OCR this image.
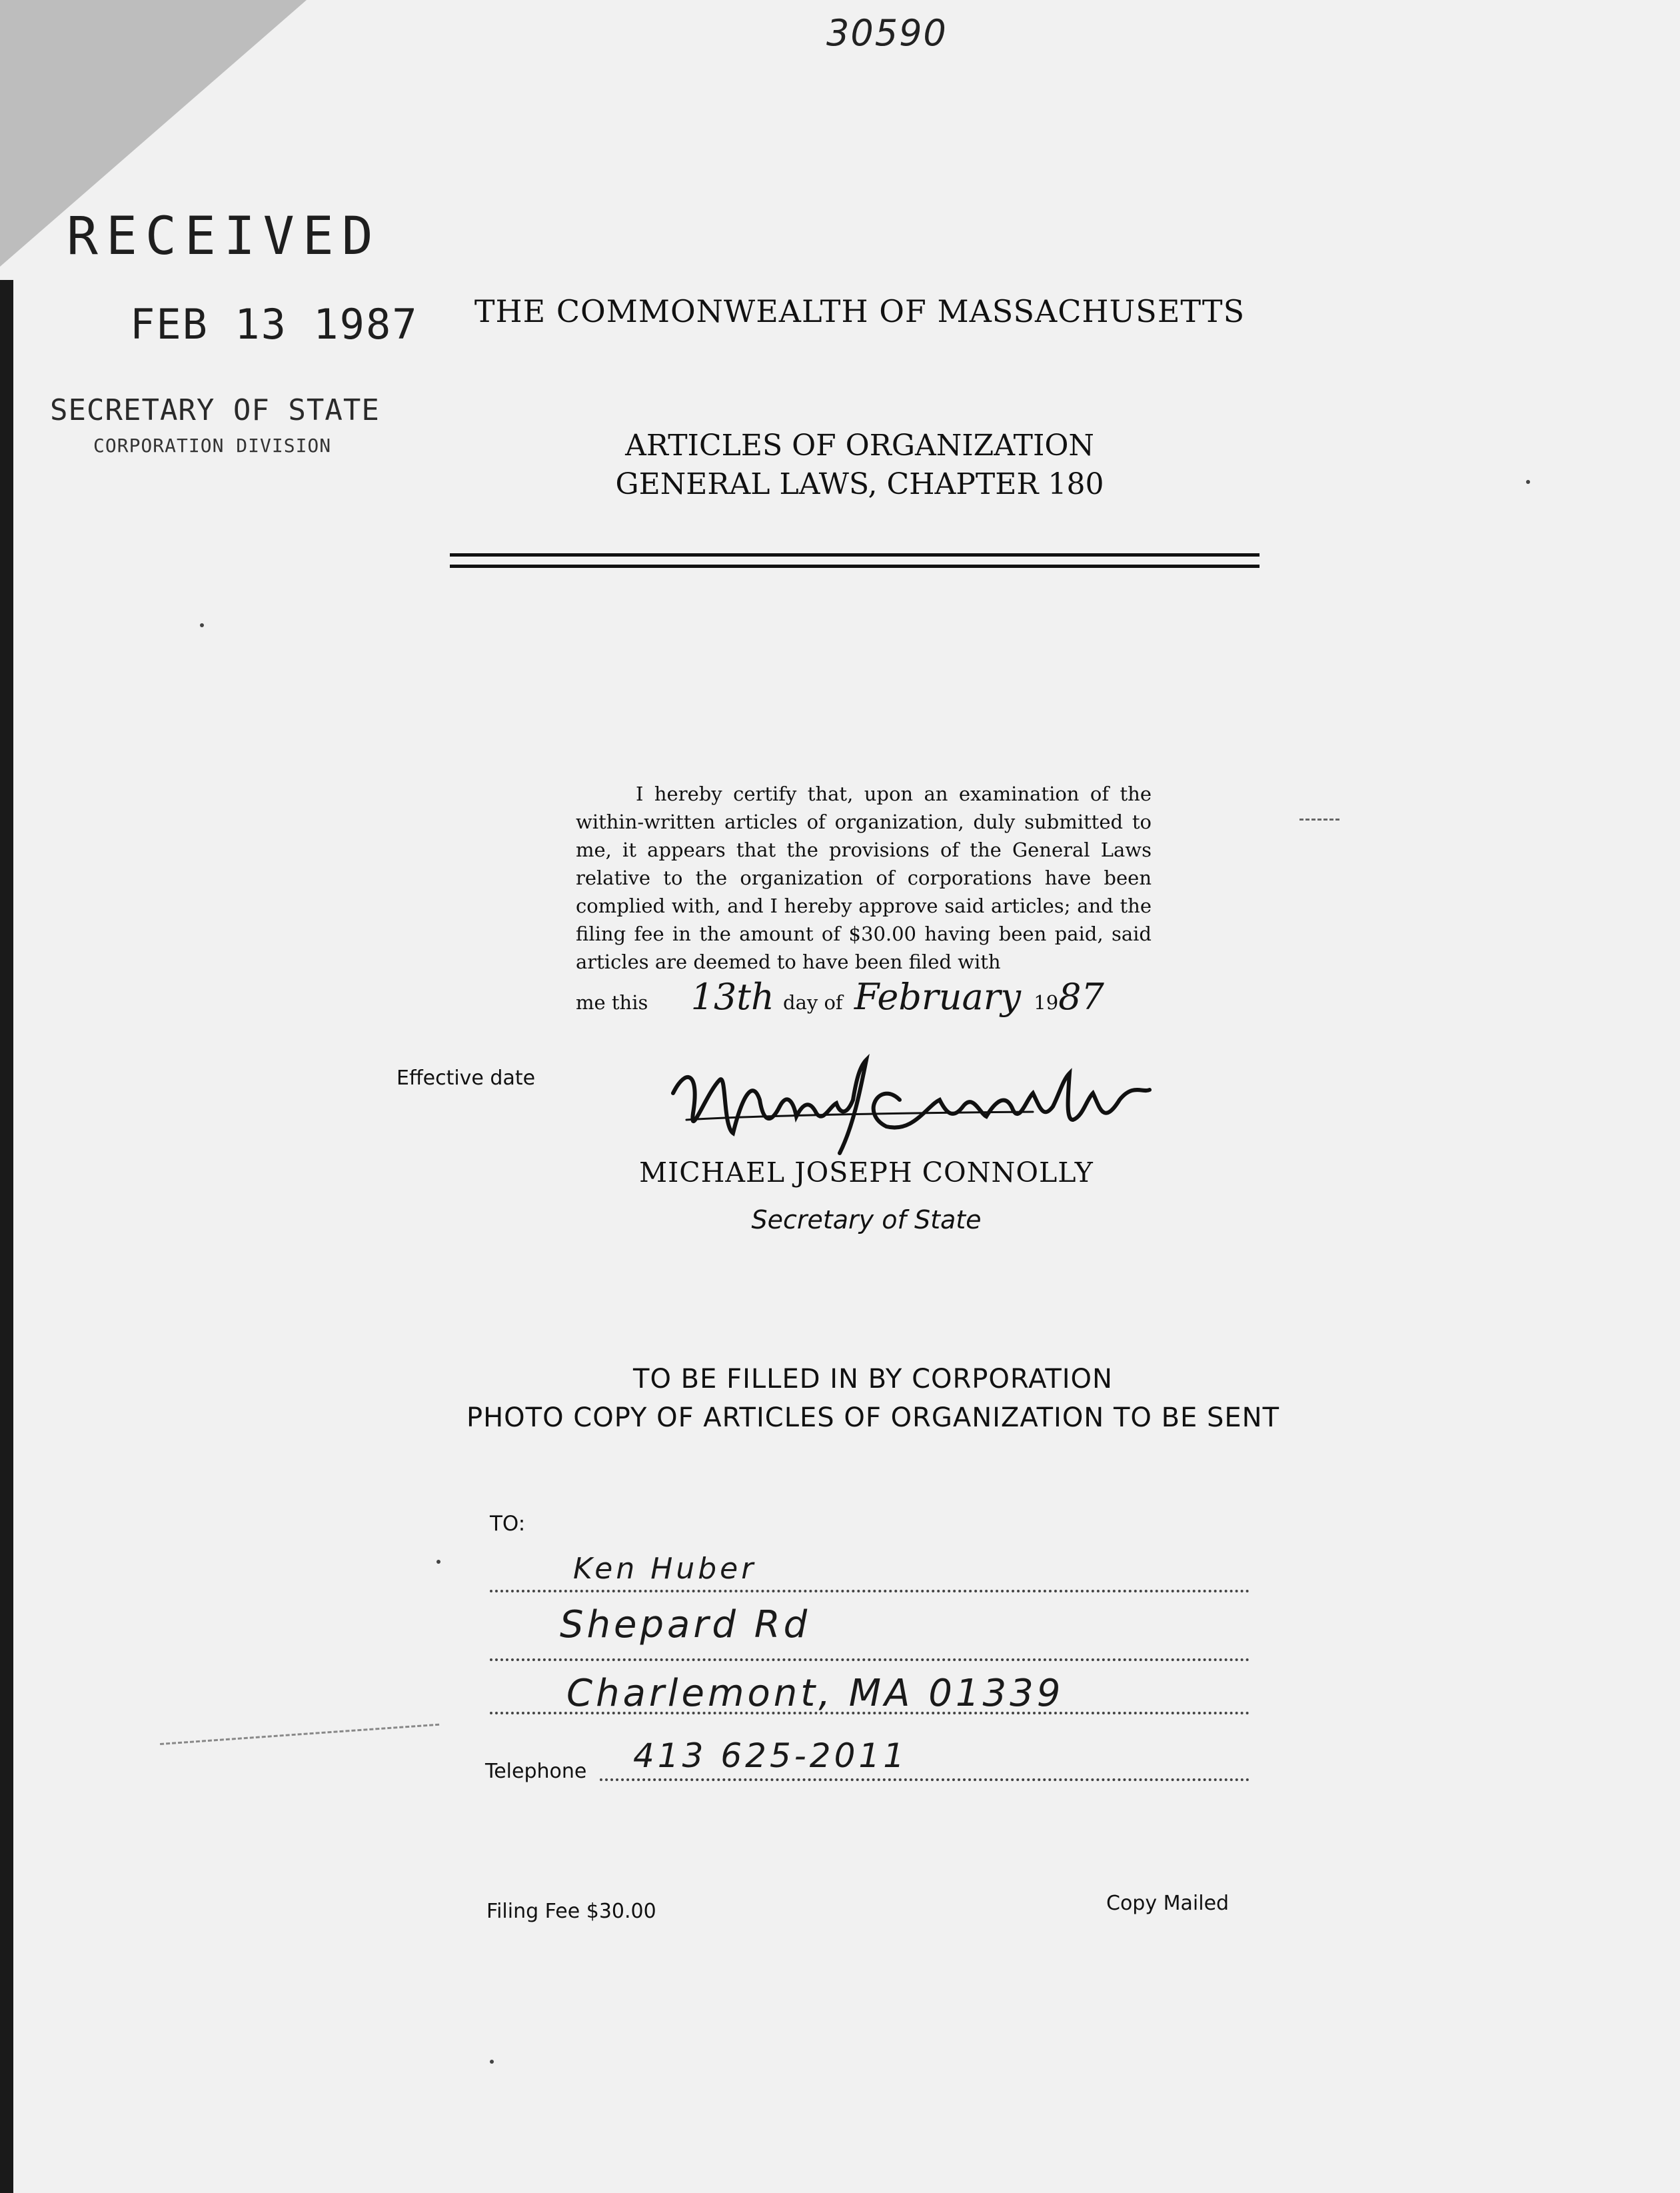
30590
RECEIVED
FEB 13 1987
SECRETARY OF STATE
CORPORATION DIVISION
THE COMMONWEALTH OF MASSACHUSETTS
ARTICLES OF ORGANIZATION
GENERAL LAWS, CHAPTER 180
I hereby certify that, upon an examination of the within-written articles of organization, duly submitted to me, it appears that the provisions of the General Laws relative to the organization of corporations have been complied with, and I hereby approve said articles; and the filing fee in the amount of $30.00 having been paid, said articles are deemed to have been filed with
me this 13th day of February 1987
Effective date
MICHAEL JOSEPH CONNOLLY
Secretary of State
TO BE FILLED IN BY CORPORATION
PHOTO COPY OF ARTICLES OF ORGANIZATION TO BE SENT
TO:
Ken Huber
Shepard Rd
Charlemont, MA 01339
Telephone 413 625-2011
Filing Fee $30.00	Copy Mailed
